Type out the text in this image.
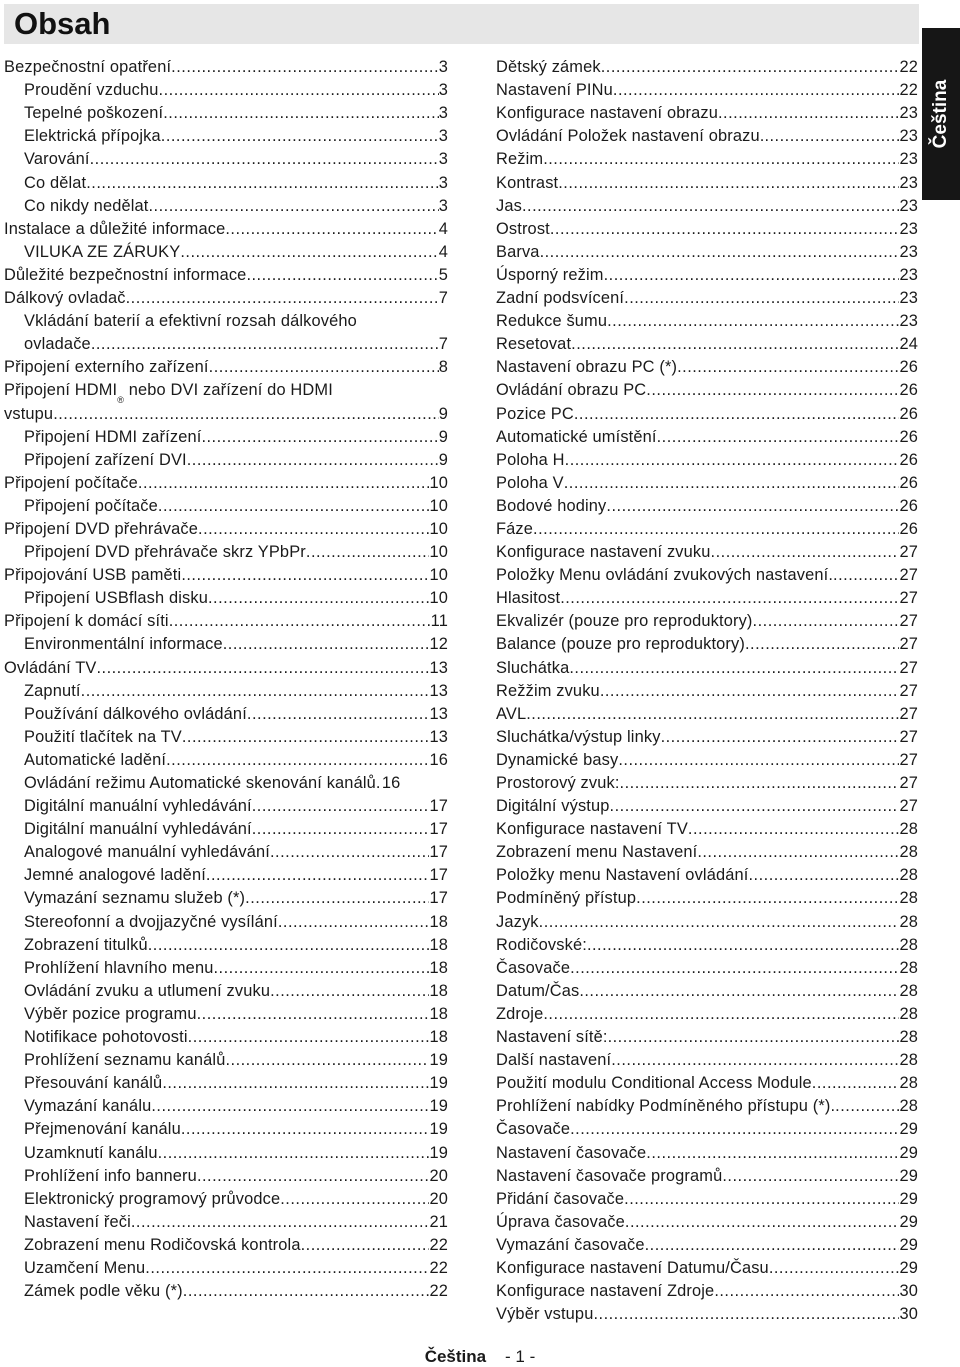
Obsah
Čeština
Bezpečnostní opatření .....	3
Proudění vzduchu .....	3
Tepelné poškození .....	3
Elektrická přípojka .....	3
Varování .....	3
Co dělat .....	3
Co nikdy nedělat .....	3
Instalace a důležité informace .....	4
VILUKA ZE ZÁRUKY .....	4
Důležité bezpečnostní informace .....	5
Dálkový ovladač .....	7
Vkládání baterií a efektivní rozsah dálkového
ovladače .....	7
Připojení externího zařízení .....	8
Připojení HDMI
®
nebo DVI zařízení do HDMI
vstupu .....	9
Připojení HDMI zařízení .....	9
Připojení zařízení DVI .....	9
Připojení počítače .....	10
Připojení počítače .....	10
Připojení DVD přehrávače .....	10
Připojení DVD přehrávače skrz YPbPr .....	10
Připojování USB paměti .....	10
Připojení USBflash disku .....	10
Připojení k domácí síti .....	11
Environmentální informace .....	12
Ovládání TV .....	13
Zapnutí .....	13
Používání dálkového ovládání .....	13
Použití tlačítek na TV .....	13
Automatické ladění .....	16
Ovládání režimu Automatické skenování kanálů ..... 16
Digitální manuální vyhledávání .....	17
Digitální manuální vyhledávání .....	17
Analogové manuální vyhledávání .....	17
Jemné analogové ladění .....	17
Vymazání seznamu služeb (*) .....	17
Stereofonní a dvojjazyčné vysílání .....	18
Zobrazení titulků .....	18
Prohlížení hlavního menu .....	18
Ovládání zvuku a utlumení zvuku .....	18
Výběr pozice programu .....	18
Notifikace pohotovosti .....	18
Prohlížení seznamu kanálů .....	19
Přesouvání kanálů .....	19
Vymazání kanálu .....	19
Přejmenování kanálu .....	19
Uzamknutí kanálu .....	19
Prohlížení info banneru .....	20
Elektronický programový průvodce .....	20
Nastavení řeči .....	21
Zobrazení menu Rodičovská kontrola .....	22
Uzamčení Menu .....	22
Zámek podle věku (*) .....	22
Dětský zámek .....	22
Nastavení PINu .....	22
Konfigurace nastavení obrazu .....	23
Ovládání Položek nastavení obrazu. .....	23
Režim .....	23
Kontrast .....	23
Jas .....	23
Ostrost .....	23
Barva .....	23
Úsporný režim .....	23
Zadní podsvícení .....	23
Redukce šumu .....	23
Resetovat .....	24
Nastavení obrazu PC (*) .....	26
Ovládání obrazu PC .....	26
Pozice PC .....	26
Automatické umístění .....	26
Poloha H .....	26
Poloha V .....	26
Bodové hodiny .....	26
Fáze .....	26
Konfigurace nastavení zvuku .....	27
Položky Menu ovládání zvukových nastavení. .....	27
Hlasitost .....	27
Ekvalizér (pouze pro reproduktory) .....	27
Balance (pouze pro reproduktory) .....	27
Sluchátka .....	27
Režžim zvuku .....	27
AVL .....	27
Sluchátka/výstup linky .....	27
Dynamické basy .....	27
Prostorový zvuk: .....	27
Digitální výstup .....	27
Konfigurace nastavení TV .....	28
Zobrazení menu Nastavení .....	28
Položky menu Nastavení ovládání .....	28
Podmíněný přístup .....	28
Jazyk .....	28
Rodičovské: .....	28
Časovače .....	28
Datum/Čas .....	28
Zdroje .....	28
Nastavení sítě: .....	28
Další nastavení .....	28
Použití modulu Conditional Access Module .....	28
Prohlížení nabídky Podmíněného přístupu (*). .....	28
Časovače .....	29
Nastavení časovače .....	29
Nastavení časovače programů .....	29
Přidání časovače .....	29
Úprava časovače .....	29
Vymazání časovače .....	29
Konfigurace nastavení Datumu/Času .....	29
Konfigurace nastavení Zdroje .....	30
Výběr vstupu .....	30
Čeština - 1 -
